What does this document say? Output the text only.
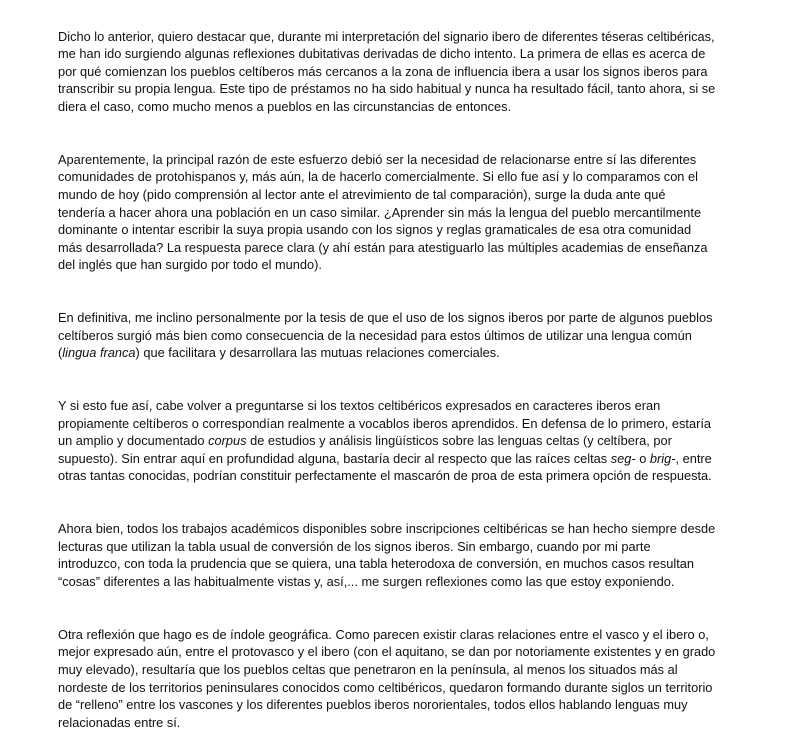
Dicho lo anterior, quiero destacar que, durante mi interpretación del signario ibero de diferentes téseras celtibéricas,
me han ido surgiendo algunas reflexiones dubitativas derivadas de dicho intento. La primera de ellas es acerca de
por qué comienzan los pueblos celtíberos más cercanos a la zona de influencia ibera a usar los signos iberos para
transcribir su propia lengua. Este tipo de préstamos no ha sido habitual y nunca ha resultado fácil, tanto ahora, si se
diera el caso, como mucho menos a pueblos en las circunstancias de entonces.

Aparentemente, la principal razón de este esfuerzo debió ser la necesidad de relacionarse entre sí las diferentes
comunidades de protohispanos y, más aún, la de hacerlo comercialmente. Si ello fue así y lo comparamos con el
mundo de hoy (pido comprensión al lector ante el atrevimiento de tal comparación), surge la duda ante qué
tendería a hacer ahora una población en un caso similar. ¿Aprender sin más la lengua del pueblo mercantilmente
dominante o intentar escribir la suya propia usando con los signos y reglas gramaticales de esa otra comunidad
más desarrollada? La respuesta parece clara (y ahí están para atestiguarlo las múltiples academias de enseñanza
del inglés que han surgido por todo el mundo).

En definitiva, me inclino personalmente por la tesis de que el uso de los signos iberos por parte de algunos pueblos
celtíberos surgió más bien como consecuencia de la necesidad para estos últimos de utilizar una lengua común
(lingua franca) que facilitara y desarrollara las mutuas relaciones comerciales.

Y si esto fue así, cabe volver a preguntarse si los textos celtibéricos expresados en caracteres iberos eran
propiamente celtíberos o correspondían realmente a vocablos iberos aprendidos. En defensa de lo primero, estaría
un amplio y documentado corpus de estudios y análisis lingüísticos sobre las lenguas celtas (y celtíbera, por
supuesto). Sin entrar aquí en profundidad alguna, bastaría decir al respecto que las raíces celtas seg- o brig-, entre
otras tantas conocidas, podrían constituir perfectamente el mascarón de proa de esta primera opción de respuesta.

Ahora bien, todos los trabajos académicos disponibles sobre inscripciones celtibéricas se han hecho siempre desde
lecturas que utilizan la tabla usual de conversión de los signos iberos. Sin embargo, cuando por mi parte
introduzco, con toda la prudencia que se quiera, una tabla heterodoxa de conversión, en muchos casos resultan
“cosas” diferentes a las habitualmente vistas y, así,... me surgen reflexiones como las que estoy exponiendo.

Otra reflexión que hago es de índole geográfica. Como parecen existir claras relaciones entre el vasco y el ibero o,
mejor expresado aún, entre el protovasco y el ibero (con el aquitano, se dan por notoriamente existentes y en grado
muy elevado), resultaría que los pueblos celtas que penetraron en la península, al menos los situados más al
nordeste de los territorios peninsulares conocidos como celtibéricos, quedaron formando durante siglos un territorio
de “relleno” entre los vascones y los diferentes pueblos iberos nororientales, todos ellos hablando lenguas muy
relacionadas entre sí.
